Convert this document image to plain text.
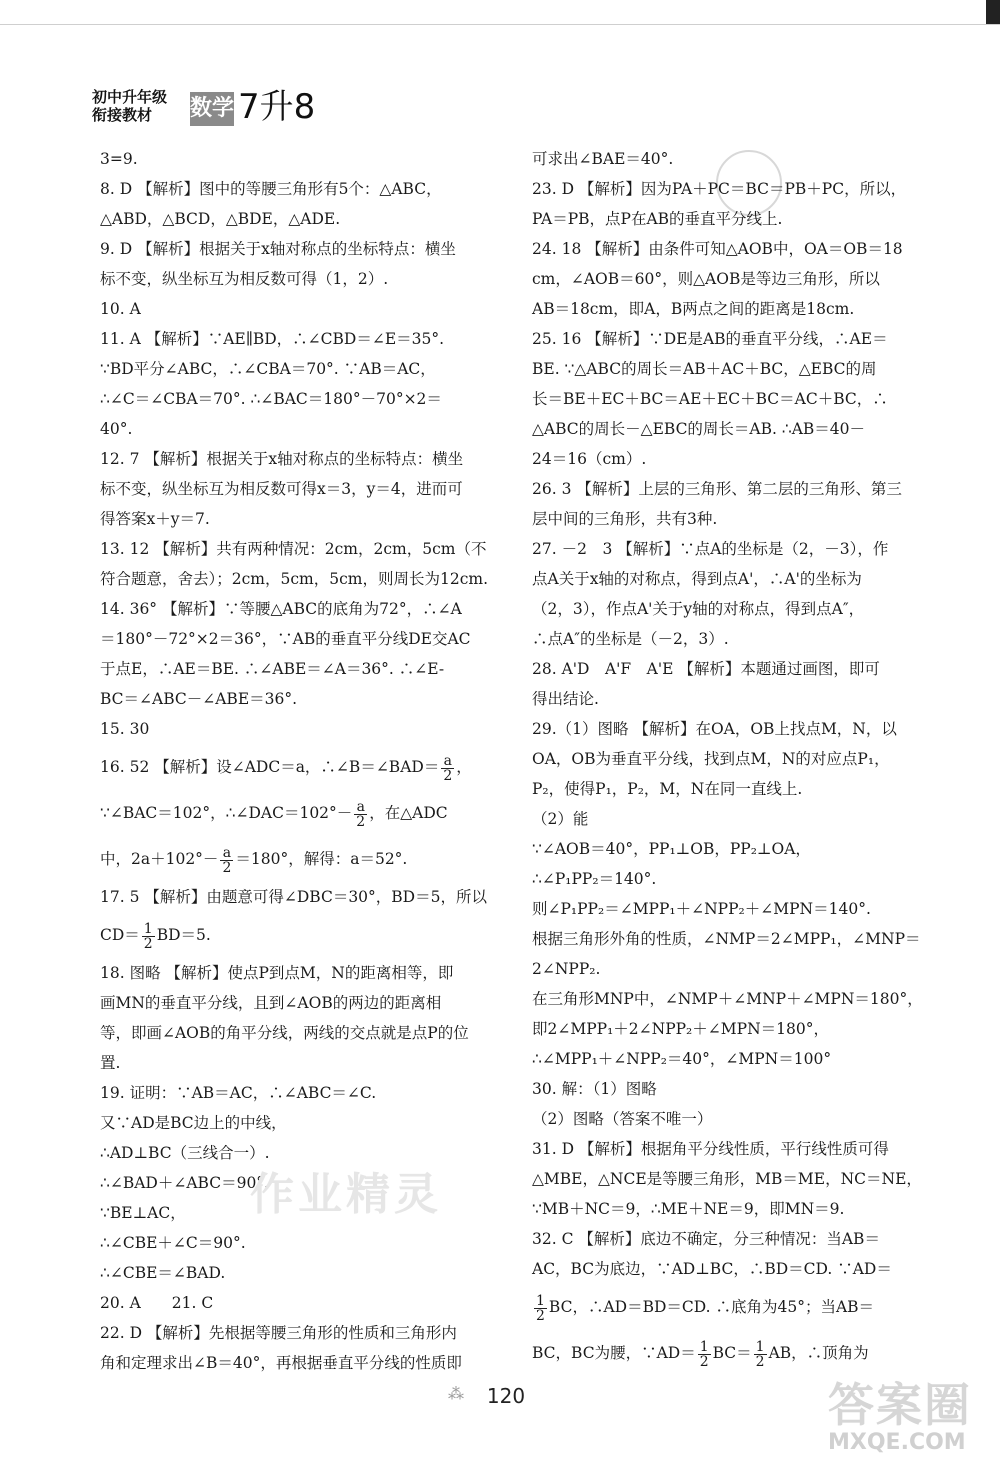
初中升年级
衔接教材	数学 7升8
3=9.
8. D 【解析】图中的等腰三角形有5个：△ABC，
△ABD，△BCD，△BDE，△ADE.
9. D 【解析】根据关于x轴对称点的坐标特点：横坐
标不变，纵坐标互为相反数可得（1，2）.
10. A
11. A 【解析】∵AE∥BD，∴∠CBD＝∠E＝35°.
∵BD平分∠ABC，∴∠CBA＝70°. ∵AB＝AC，
∴∠C＝∠CBA＝70°. ∴∠BAC＝180°－70°×2＝
40°.
12. 7 【解析】根据关于x轴对称点的坐标特点：横坐
标不变，纵坐标互为相反数可得x＝3，y＝4，进而可
得答案x＋y＝7.
13. 12 【解析】共有两种情况：2cm，2cm，5cm（不
符合题意，舍去）；2cm，5cm，5cm，则周长为12cm.
14. 36° 【解析】∵等腰△ABC的底角为72°，∴∠A
＝180°－72°×2＝36°，∵AB的垂直平分线DE交AC
于点E，∴AE＝BE. ∴∠ABE＝∠A＝36°. ∴∠E-
BC＝∠ABC－∠ABE＝36°.
15. 30
16. 52 【解析】设∠ADC＝a，∴∠B＝∠BAD＝ $\frac{a}{2}$ ，
∵∠BAC＝102°，∴∠DAC＝102°－ $\frac{a}{2}$ ，在△ADC
中，$2a+102^\circ- \frac{a}{2} =180^\circ$，解得：a＝52°.
17. 5 【解析】由题意可得∠DBC＝30°，BD＝5，所以
$CD= \frac{1}{2} BD=5$.
18. 图略 【解析】使点P到点M，N的距离相等，即
画MN的垂直平分线，且到∠AOB的两边的距离相
等，即画∠AOB的角平分线，两线的交点就是点P的位
置.
19. 证明：∵AB＝AC，∴∠ABC＝∠C.
又∵AD是BC边上的中线，
∴AD⊥BC（三线合一）.
∴∠BAD＋∠ABC＝90°.
∵BE⊥AC，
∴∠CBE＋∠C＝90°.
∴∠CBE＝∠BAD.
20. A　　21. C
22. D 【解析】先根据等腰三角形的性质和三角形内
角和定理求出∠B＝40°，再根据垂直平分线的性质即
可求出∠BAE＝40°.
23. D 【解析】因为PA＋PC＝BC＝PB＋PC，所以，
PA＝PB，点P在AB的垂直平分线上.
24. 18 【解析】由条件可知△AOB中，OA＝OB＝18
cm，∠AOB＝60°，则△AOB是等边三角形，所以
AB＝18cm，即A，B两点之间的距离是18cm.
25. 16 【解析】∵DE是AB的垂直平分线，∴AE＝
BE. ∵△ABC的周长＝AB＋AC＋BC，△EBC的周
长＝BE＋EC＋BC＝AE＋EC＋BC＝AC＋BC，∴
△ABC的周长－△EBC的周长＝AB. ∴AB＝40－
24＝16（cm）.
26. 3 【解析】上层的三角形、第二层的三角形、第三
层中间的三角形，共有3种.
27. －2　3 【解析】∵点A的坐标是（2，－3），作
点A关于x轴的对称点，得到点A'，∴A'的坐标为
（2，3），作点A'关于y轴的对称点，得到点A″，
∴点A″的坐标是（－2，3）.
28. A'D　A'F　A'E 【解析】本题通过画图，即可
得出结论.
29.（1）图略 【解析】在OA，OB上找点M，N，以
OA，OB为垂直平分线，找到点M，N的对应点P₁，
P₂，使得P₁，P₂，M，N在同一直线上.
（2）能
∵∠AOB＝40°，PP₁⊥OB，PP₂⊥OA，
∴∠P₁PP₂＝140°.
则∠P₁PP₂＝∠MPP₁＋∠NPP₂＋∠MPN＝140°.
根据三角形外角的性质，∠NMP＝2∠MPP₁，∠MNP＝
2∠NPP₂.
在三角形MNP中，∠NMP＋∠MNP＋∠MPN＝180°，
即2∠MPP₁＋2∠NPP₂＋∠MPN＝180°，
∴∠MPP₁＋∠NPP₂＝40°，∠MPN＝100°
30. 解：（1）图略
（2）图略（答案不唯一）
31. D 【解析】根据角平分线性质，平行线性质可得
△MBE，△NCE是等腰三角形，MB＝ME，NC＝NE，
∵MB＋NC＝9，∴ME＋NE＝9，即MN＝9.
32. C 【解析】底边不确定，分三种情况：当AB＝
AC，BC为底边，∵AD⊥BC，∴BD＝CD. ∵AD＝
$\frac{1}{2}$ BC，∴AD＝BD＝CD. ∴底角为45°；当AB＝
BC，BC为腰，∵AD＝ $\frac{1}{2} BC= \frac{1}{2}$ AB，∴顶角为
作业精灵
⁂	120	答案圈
MXQE.COM
